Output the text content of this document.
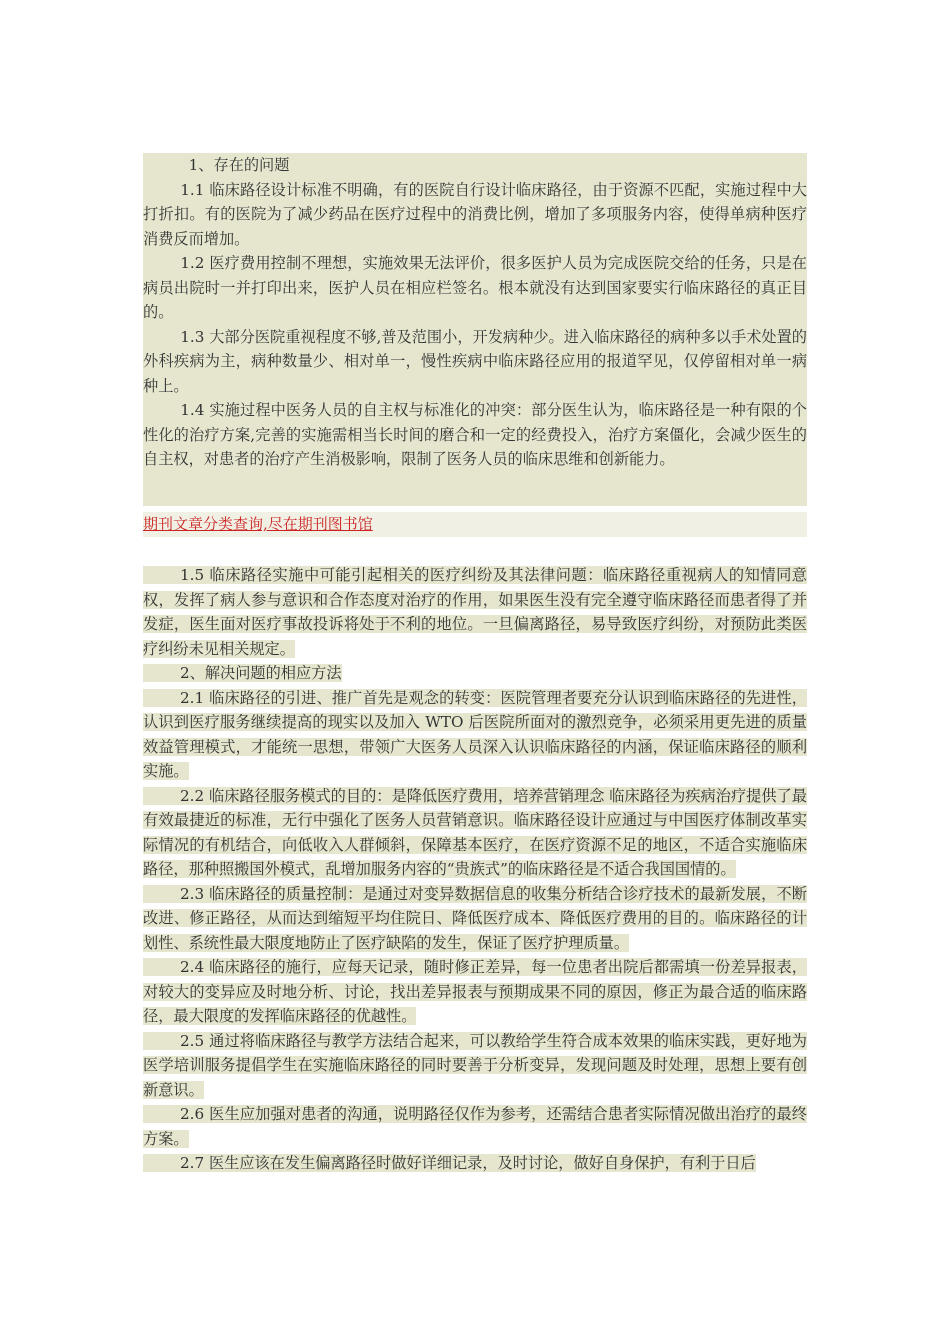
1、存在的问题

1.1 临床路径设计标准不明确，有的医院自行设计临床路径，由于资源不匹配，实施过程中大打折扣。有的医院为了减少药品在医疗过程中的消费比例，增加了多项服务内容，使得单病种医疗消费反而增加。

1.2 医疗费用控制不理想，实施效果无法评价，很多医护人员为完成医院交给的任务，只是在病员出院时一并打印出来，医护人员在相应栏签名。根本就没有达到国家要实行临床路径的真正目的。

1.3 大部分医院重视程度不够,普及范围小，开发病种少。进入临床路径的病种多以手术处置的外科疾病为主，病种数量少、相对单一，慢性疾病中临床路径应用的报道罕见，仅停留相对单一病种上。

1.4 实施过程中医务人员的自主权与标准化的冲突：部分医生认为，临床路径是一种有限的个性化的治疗方案,完善的实施需相当长时间的磨合和一定的经费投入，治疗方案僵化，会减少医生的自主权，对患者的治疗产生消极影响，限制了医务人员的临床思维和创新能力。

期刊文章分类查询,尽在期刊图书馆

1.5 临床路径实施中可能引起相关的医疗纠纷及其法律问题：临床路径重视病人的知情同意权，发挥了病人参与意识和合作态度对治疗的作用，如果医生没有完全遵守临床路径而患者得了并发症，医生面对医疗事故投诉将处于不利的地位。一旦偏离路径，易导致医疗纠纷，对预防此类医疗纠纷未见相关规定。

2、解决问题的相应方法

2.1 临床路径的引进、推广首先是观念的转变：医院管理者要充分认识到临床路径的先进性，认识到医疗服务继续提高的现实以及加入 WTO 后医院所面对的激烈竞争，必须采用更先进的质量效益管理模式，才能统一思想，带领广大医务人员深入认识临床路径的内涵，保证临床路径的顺利实施。

2.2 临床路径服务模式的目的：是降低医疗费用，培养营销理念 临床路径为疾病治疗提供了最有效最捷近的标准，无行中强化了医务人员营销意识。临床路径设计应通过与中国医疗体制改革实际情况的有机结合，向低收入人群倾斜，保障基本医疗，在医疗资源不足的地区，不适合实施临床路径，那种照搬国外模式，乱增加服务内容的“贵族式”的临床路径是不适合我国国情的。

2.3 临床路径的质量控制：是通过对变异数据信息的收集分析结合诊疗技术的最新发展，不断改进、修正路径，从而达到缩短平均住院日、降低医疗成本、降低医疗费用的目的。临床路径的计划性、系统性最大限度地防止了医疗缺陷的发生，保证了医疗护理质量。

2.4 临床路径的施行，应每天记录，随时修正差异，每一位患者出院后都需填一份差异报表，对较大的变异应及时地分析、讨论，找出差异报表与预期成果不同的原因，修正为最合适的临床路径，最大限度的发挥临床路径的优越性。

2.5 通过将临床路径与教学方法结合起来，可以教给学生符合成本效果的临床实践，更好地为医学培训服务提倡学生在实施临床路径的同时要善于分析变异，发现问题及时处理，思想上要有创新意识。

2.6 医生应加强对患者的沟通，说明路径仅作为参考，还需结合患者实际情况做出治疗的最终方案。

2.7 医生应该在发生偏离路径时做好详细记录，及时讨论，做好自身保护，有利于日后
